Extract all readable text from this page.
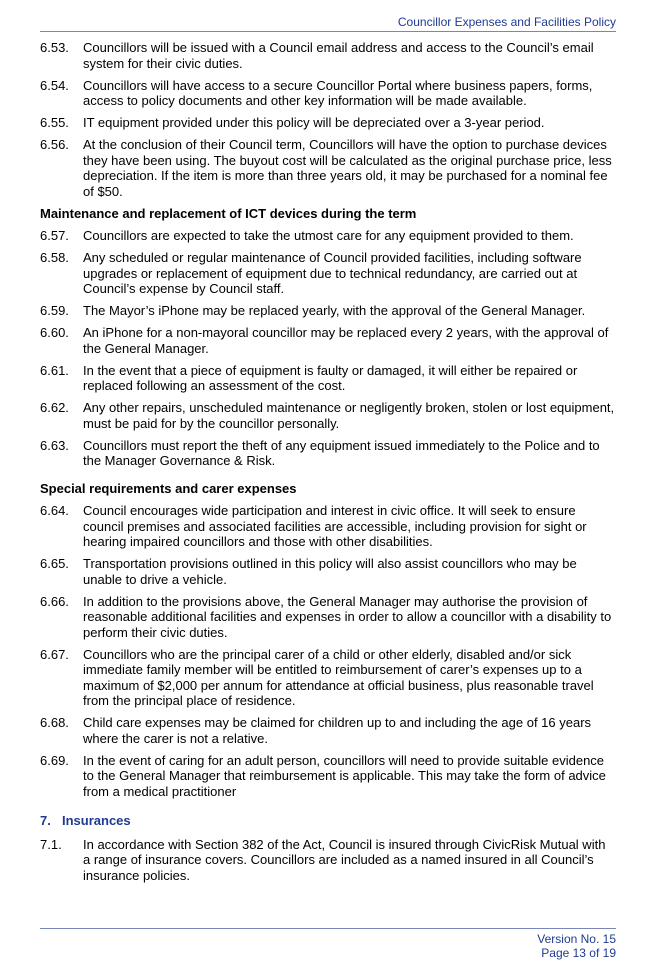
Councillor Expenses and Facilities Policy
6.53.	Councillors will be issued with a Council email address and access to the Council’s email system for their civic duties.
6.54.	Councillors will have access to a secure Councillor Portal where business papers, forms, access to policy documents and other key information will be made available.
6.55.	IT equipment provided under this policy will be depreciated over a 3-year period.
6.56.	At the conclusion of their Council term, Councillors will have the option to purchase devices they have been using. The buyout cost will be calculated as the original purchase price, less depreciation. If the item is more than three years old, it may be purchased for a nominal fee of $50.
Maintenance and replacement of ICT devices during the term
6.57.	Councillors are expected to take the utmost care for any equipment provided to them.
6.58.	Any scheduled or regular maintenance of Council provided facilities, including software upgrades or replacement of equipment due to technical redundancy, are carried out at Council’s expense by Council staff.
6.59.	The Mayor’s iPhone may be replaced yearly, with the approval of the General Manager.
6.60.	An iPhone for a non-mayoral councillor may be replaced every 2 years, with the approval of the General Manager.
6.61.	In the event that a piece of equipment is faulty or damaged, it will either be repaired or replaced following an assessment of the cost.
6.62.	Any other repairs, unscheduled maintenance or negligently broken, stolen or lost equipment, must be paid for by the councillor personally.
6.63.	Councillors must report the theft of any equipment issued immediately to the Police and to the Manager Governance & Risk.
Special requirements and carer expenses
6.64.	Council encourages wide participation and interest in civic office. It will seek to ensure council premises and associated facilities are accessible, including provision for sight or hearing impaired councillors and those with other disabilities.
6.65.	Transportation provisions outlined in this policy will also assist councillors who may be unable to drive a vehicle.
6.66.	In addition to the provisions above, the General Manager may authorise the provision of reasonable additional facilities and expenses in order to allow a councillor with a disability to perform their civic duties.
6.67.	Councillors who are the principal carer of a child or other elderly, disabled and/or sick immediate family member will be entitled to reimbursement of carer’s expenses up to a maximum of $2,000 per annum for attendance at official business, plus reasonable travel from the principal place of residence.
6.68.	Child care expenses may be claimed for children up to and including the age of 16 years where the carer is not a relative.
6.69.	In the event of caring for an adult person, councillors will need to provide suitable evidence to the General Manager that reimbursement is applicable. This may take the form of advice from a medical practitioner
7. Insurances
7.1.	In accordance with Section 382 of the Act, Council is insured through CivicRisk Mutual with a range of insurance covers. Councillors are included as a named insured in all Council’s insurance policies.
Version No. 15
Page 13 of 19
